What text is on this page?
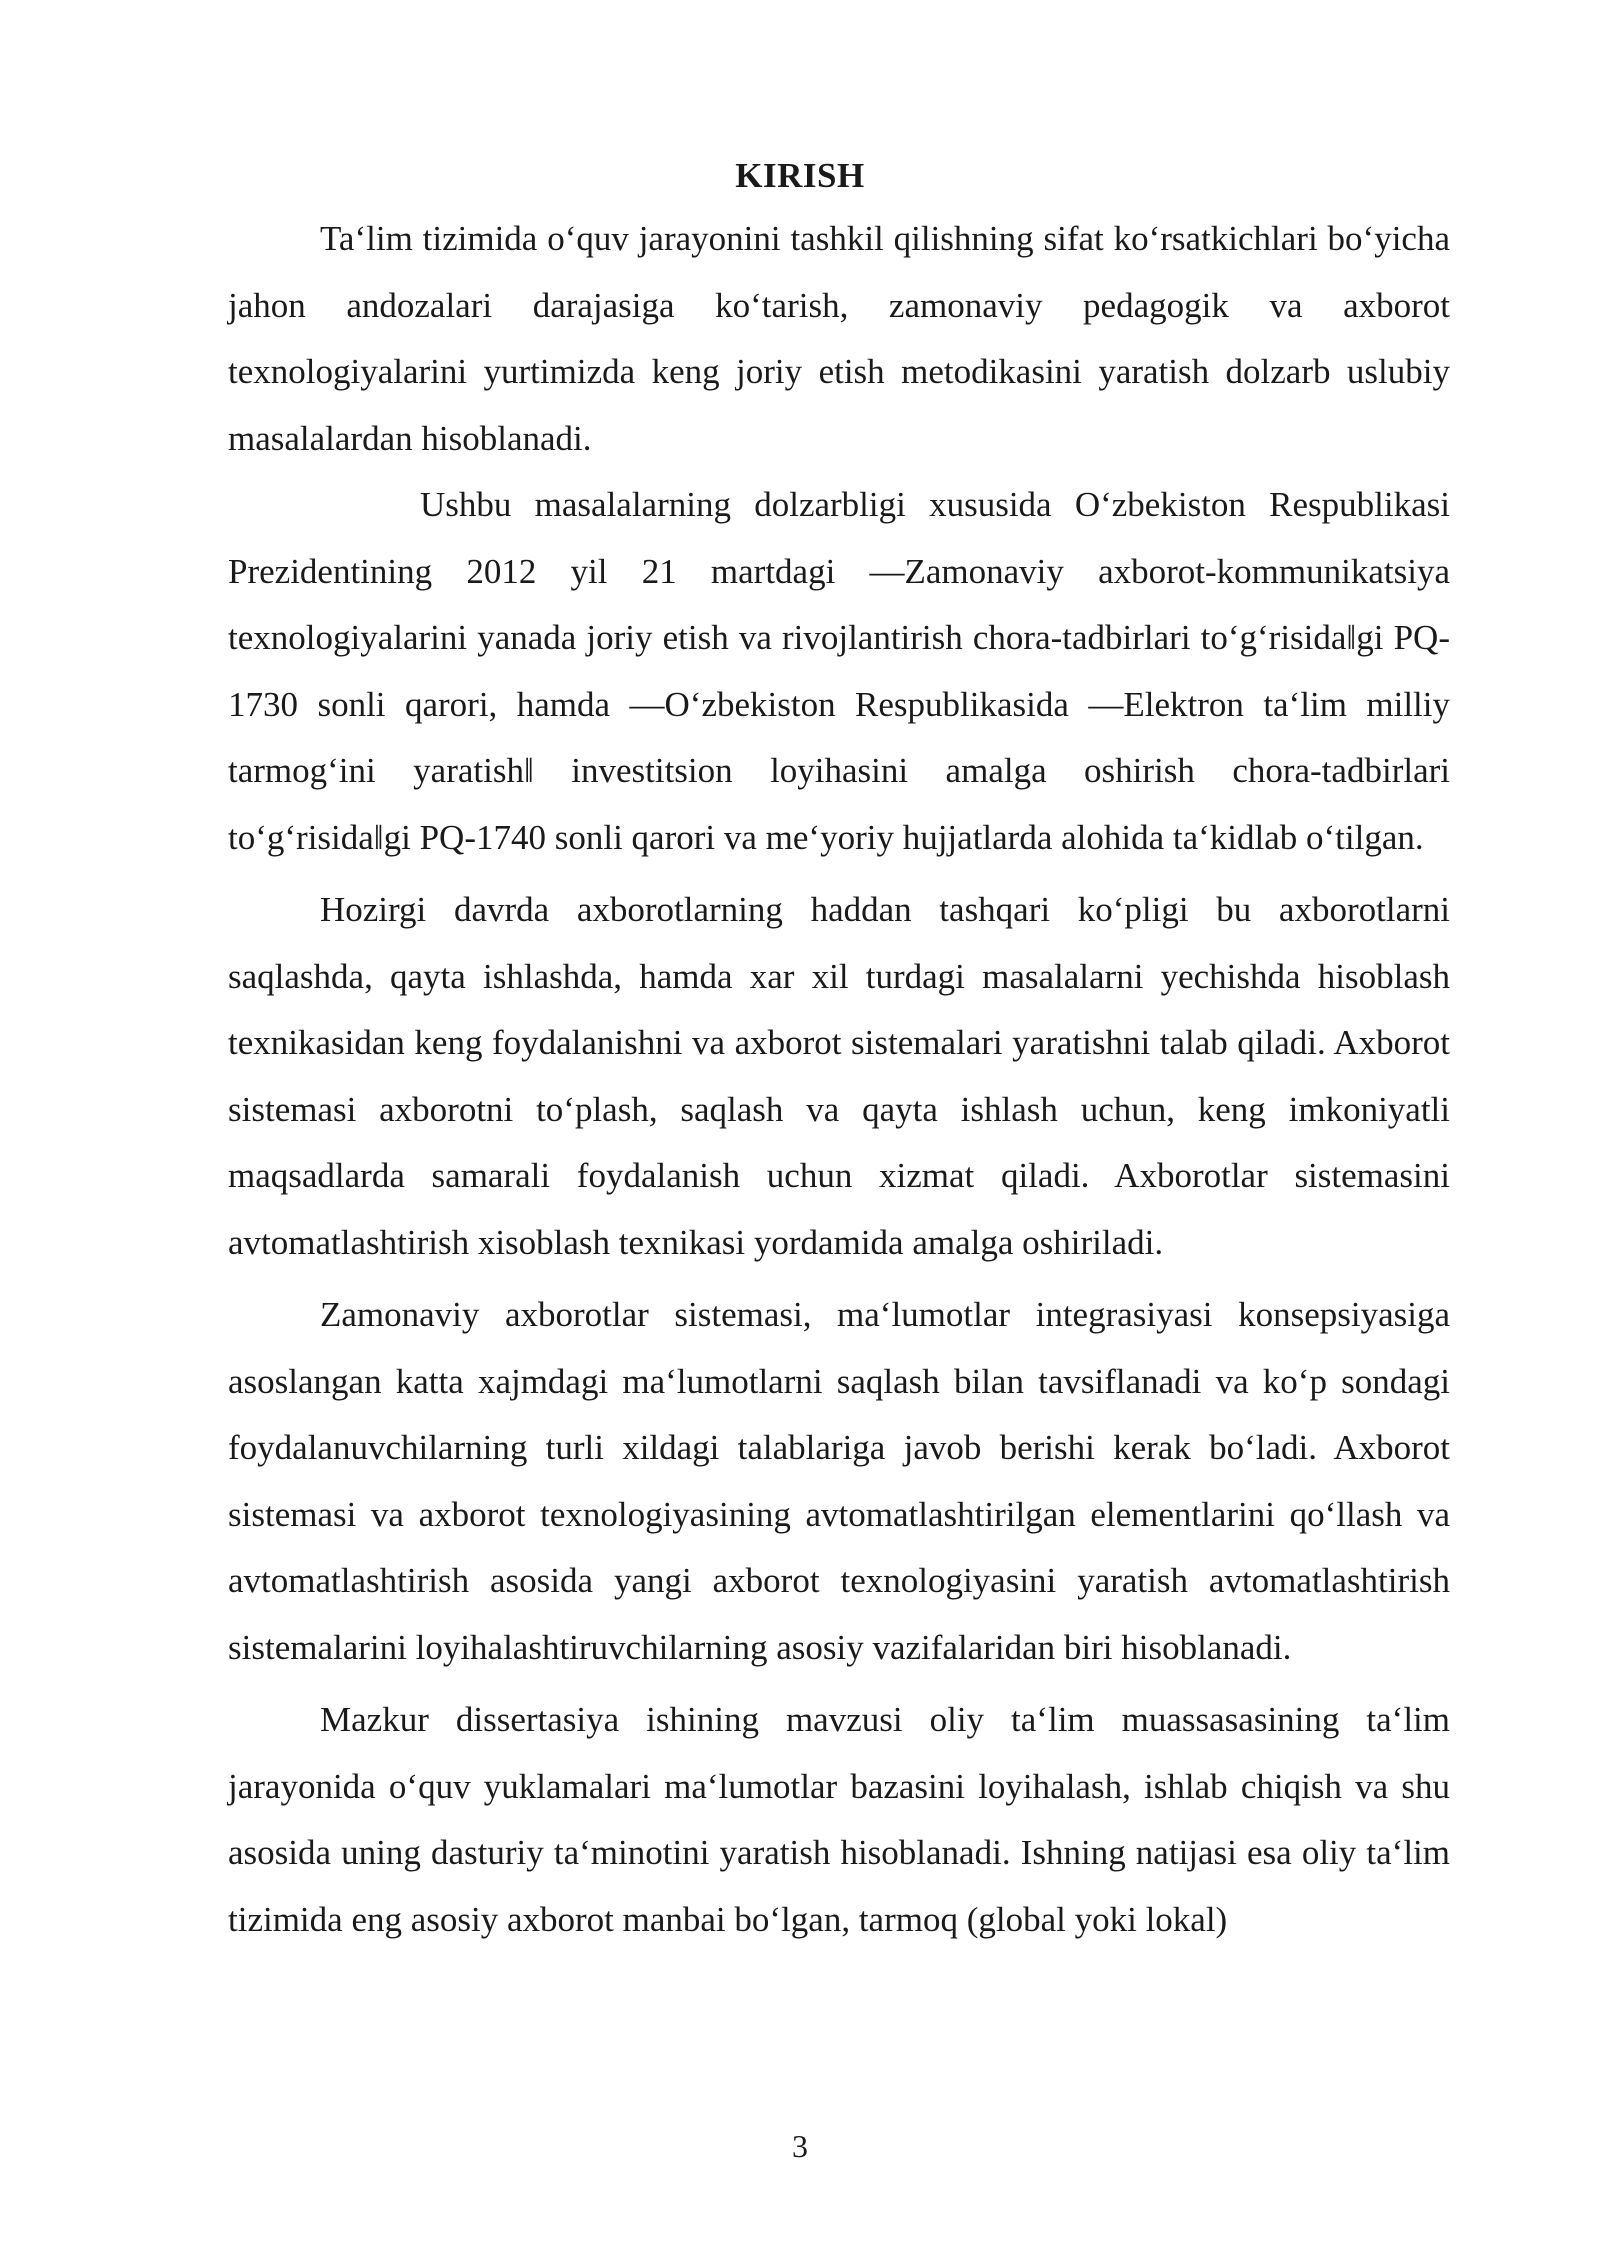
KIRISH

Ta‘lim tizimida o‘quv jarayonini tashkil qilishning sifat ko‘rsatkichlari bo‘yicha jahon andozalari darajasiga ko‘tarish, zamonaviy pedagogik va axborot texnologiyalarini yurtimizda keng joriy etish metodikasini yaratish dolzarb uslubiy masalalardan hisoblanadi.

Ushbu masalalarning dolzarbligi xususida O‘zbekiston Respublikasi Prezidentining 2012 yil 21 martdagi ―Zamonaviy axborot-kommunikatsiya texnologiyalarini yanada joriy etish va rivojlantirish chora-tadbirlari to‘g‘risida‖gi PQ-1730 sonli qarori, hamda ―O‘zbekiston Respublikasida ―Elektron ta‘lim milliy tarmog‘ini yaratish‖ investitsion loyihasini amalga oshirish chora-tadbirlari to‘g‘risida‖gi PQ-1740 sonli qarori va me‘yoriy hujjatlarda alohida ta‘kidlab o‘tilgan.

Hozirgi davrda axborotlarning haddan tashqari ko‘pligi bu axborotlarni saqlashda, qayta ishlashda, hamda xar xil turdagi masalalarni yechishda hisoblash texnikasidan keng foydalanishni va axborot sistemalari yaratishni talab qiladi. Axborot sistemasi axborotni to‘plash, saqlash va qayta ishlash uchun, keng imkoniyatli maqsadlarda samarali foydalanish uchun xizmat qiladi. Axborotlar sistemasini avtomatlashtirish xisoblash texnikasi yordamida amalga oshiriladi.

Zamonaviy axborotlar sistemasi, ma‘lumotlar integrasiyasi konsepsiyasiga asoslangan katta xajmdagi ma‘lumotlarni saqlash bilan tavsiflanadi va ko‘p sondagi foydalanuvchilarning turli xildagi talablariga javob berishi kerak bo‘ladi. Axborot sistemasi va axborot texnologiyasining avtomatlashtirilgan elementlarini qo‘llash va avtomatlashtirish asosida yangi axborot texnologiyasini yaratish avtomatlashtirish sistemalarini loyihalashtiruvchilarning asosiy vazifalaridan biri hisoblanadi.

Mazkur dissertasiya ishining mavzusi oliy ta‘lim muassasasining ta‘lim jarayonida o‘quv yuklamalari ma‘lumotlar bazasini loyihalash, ishlab chiqish va shu asosida uning dasturiy ta‘minotini yaratish hisoblanadi. Ishning natijasi esa oliy ta‘lim tizimida eng asosiy axborot manbai bo‘lgan, tarmoq (global yoki lokal)

3
